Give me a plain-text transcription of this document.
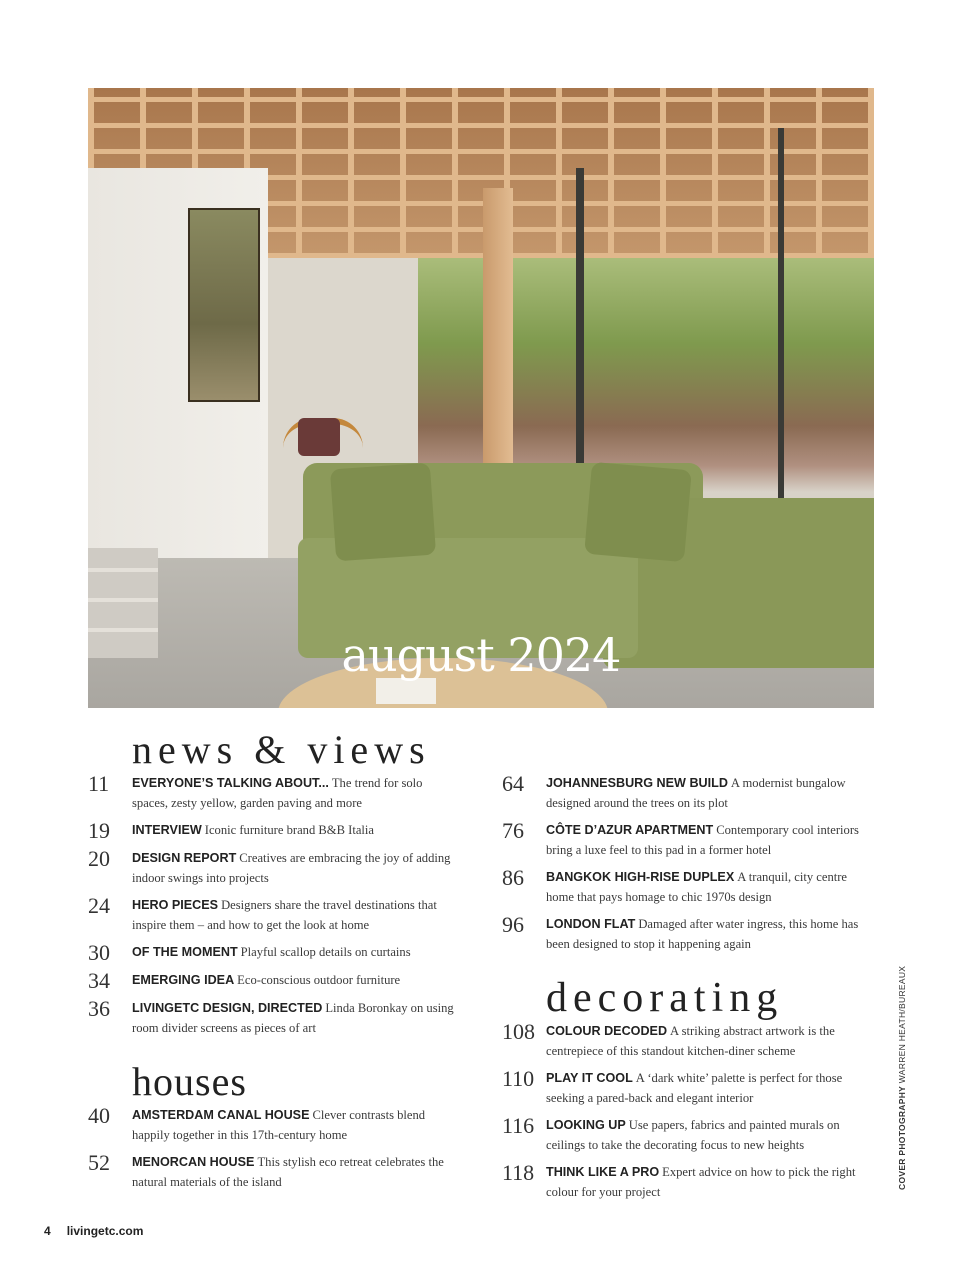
august 2024
news & views
11	EVERYONE’S TALKING ABOUT... The trend for solo spaces, zesty yellow, garden paving and more
19	INTERVIEW Iconic furniture brand B&B Italia
20	DESIGN REPORT Creatives are embracing the joy of adding indoor swings into projects
24	HERO PIECES Designers share the travel destinations that inspire them – and how to get the look at home
30	OF THE MOMENT Playful scallop details on curtains
34	EMERGING IDEA Eco-conscious outdoor furniture
36	LIVINGETC DESIGN, DIRECTED Linda Boronkay on using room divider screens as pieces of art
houses
40	AMSTERDAM CANAL HOUSE Clever contrasts blend happily together in this 17th-century home
52	MENORCAN HOUSE This stylish eco retreat celebrates the natural materials of the island
64	JOHANNESBURG NEW BUILD A modernist bungalow designed around the trees on its plot
76	CÔTE D’AZUR APARTMENT Contemporary cool interiors bring a luxe feel to this pad in a former hotel
86	BANGKOK HIGH-RISE DUPLEX A tranquil, city centre home that pays homage to chic 1970s design
96	LONDON FLAT Damaged after water ingress, this home has been designed to stop it happening again
decorating
108 COLOUR DECODED A striking abstract artwork is the centrepiece of this standout kitchen-diner scheme
110 PLAY IT COOL A ‘dark white’ palette is perfect for those seeking a pared-back and elegant interior
116 LOOKING UP Use papers, fabrics and painted murals on ceilings to take the decorating focus to new heights
118 THINK LIKE A PRO Expert advice on how to pick the right colour for your project
COVER PHOTOGRAPHY WARREN HEATH/BUREAUX
4 livingetc.com
